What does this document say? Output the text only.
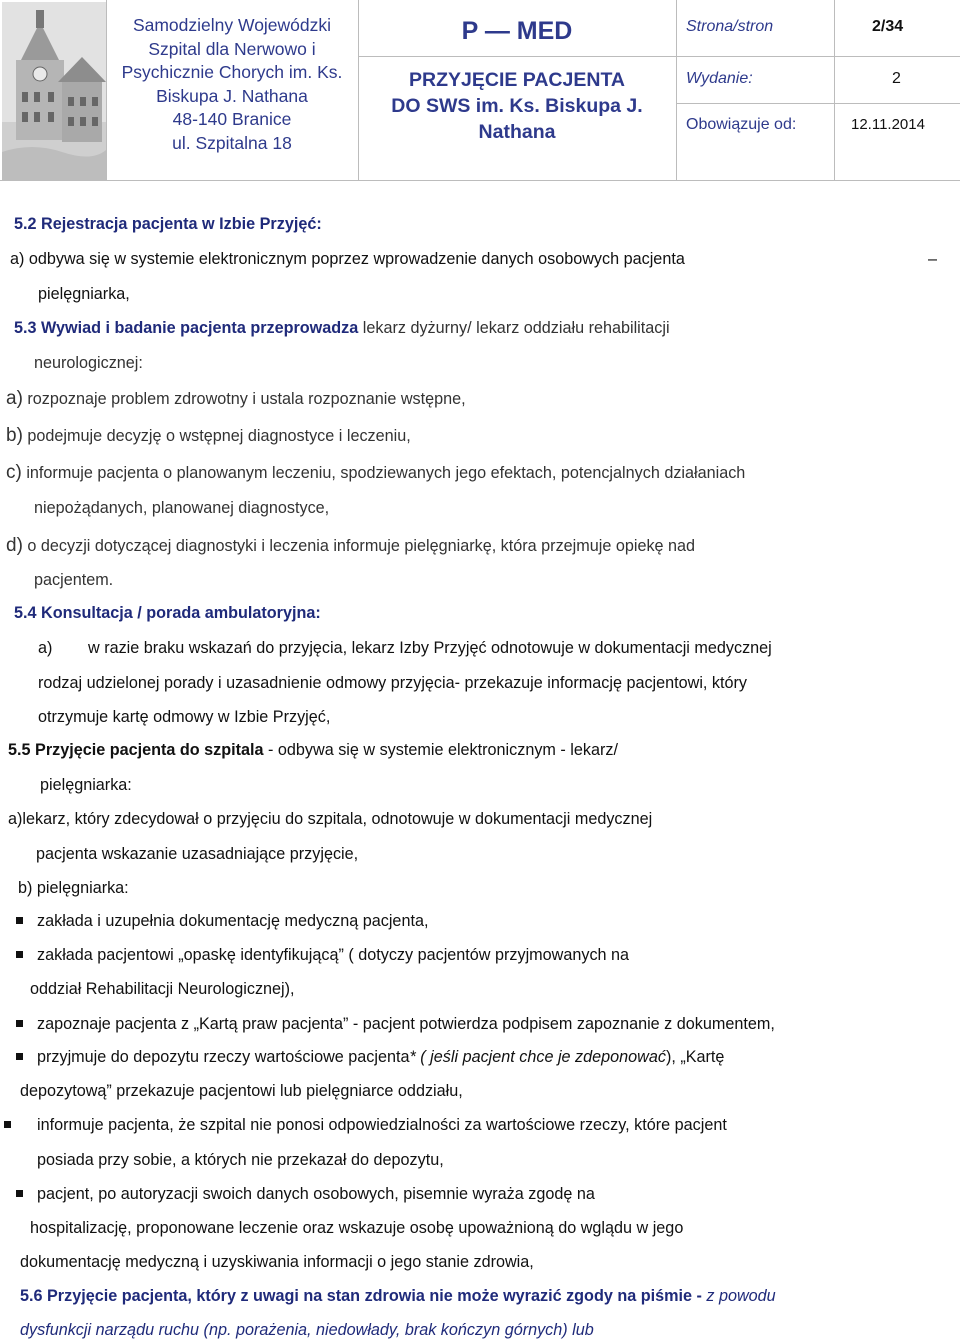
Samodzielny Wojewódzki
Szpital dla Nerwowo i
Psychicznie Chorych im. Ks.
Biskupa J. Nathana
48-140 Branice
ul. Szpitalna 18
P — MED
PRZYJĘCIE PACJENTA
DO SWS im. Ks. Biskupa J.
Nathana
Strona/stron	2/34
Wydanie:	2
Obowiązuje od:	12.11.2014
5.2 Rejestracja pacjenta w Izbie Przyjęć:
a) odbywa się w systemie elektronicznym poprzez wprowadzenie danych osobowych pacjenta	–
pielęgniarka,
5.3 Wywiad i badanie pacjenta przeprowadza lekarz dyżurny/ lekarz oddziału rehabilitacji
neurologicznej:
a) rozpoznaje problem zdrowotny i ustala rozpoznanie wstępne,
b) podejmuje decyzję o wstępnej diagnostyce i leczeniu,
c) informuje pacjenta o planowanym leczeniu, spodziewanych jego efektach, potencjalnych działaniach
niepożądanych, planowanej diagnostyce,
d) o decyzji dotyczącej diagnostyki i leczenia informuje pielęgniarkę, która przejmuje opiekę nad
pacjentem.
5.4 Konsultacja / porada ambulatoryjna:
a) w razie braku wskazań do przyjęcia, lekarz Izby Przyjęć odnotowuje w dokumentacji medycznej
rodzaj udzielonej porady i uzasadnienie odmowy przyjęcia- przekazuje informację pacjentowi, który
otrzymuje kartę odmowy w Izbie Przyjęć,
5.5 Przyjęcie pacjenta do szpitala - odbywa się w systemie elektronicznym - lekarz/
pielęgniarka:
a)lekarz, który zdecydował o przyjęciu do szpitala, odnotowuje w dokumentacji medycznej
pacjenta wskazanie uzasadniające przyjęcie,
b) pielęgniarka:
zakłada i uzupełnia dokumentację medyczną pacjenta,
zakłada pacjentowi „opaskę identyfikującą” ( dotyczy pacjentów przyjmowanych na
oddział Rehabilitacji Neurologicznej),
zapoznaje pacjenta z „Kartą praw pacjenta” - pacjent potwierdza podpisem zapoznanie z dokumentem,
przyjmuje do depozytu rzeczy wartościowe pacjenta* ( jeśli pacjent chce je zdeponować), „Kartę
depozytową” przekazuje pacjentowi lub pielęgniarce oddziału,
informuje pacjenta, że szpital nie ponosi odpowiedzialności za wartościowe rzeczy, które pacjent
posiada przy sobie, a których nie przekazał do depozytu,
pacjent, po autoryzacji swoich danych osobowych, pisemnie wyraża zgodę na
hospitalizację, proponowane leczenie oraz wskazuje osobę upoważnioną do wglądu w jego
dokumentację medyczną i uzyskiwania informacji o jego stanie zdrowia,
5.6 Przyjęcie pacjenta, który z uwagi na stan zdrowia nie może wyrazić zgody na piśmie - z powodu
dysfunkcji narządu ruchu (np. porażenia, niedowłady, brak kończyn górnych) lub
